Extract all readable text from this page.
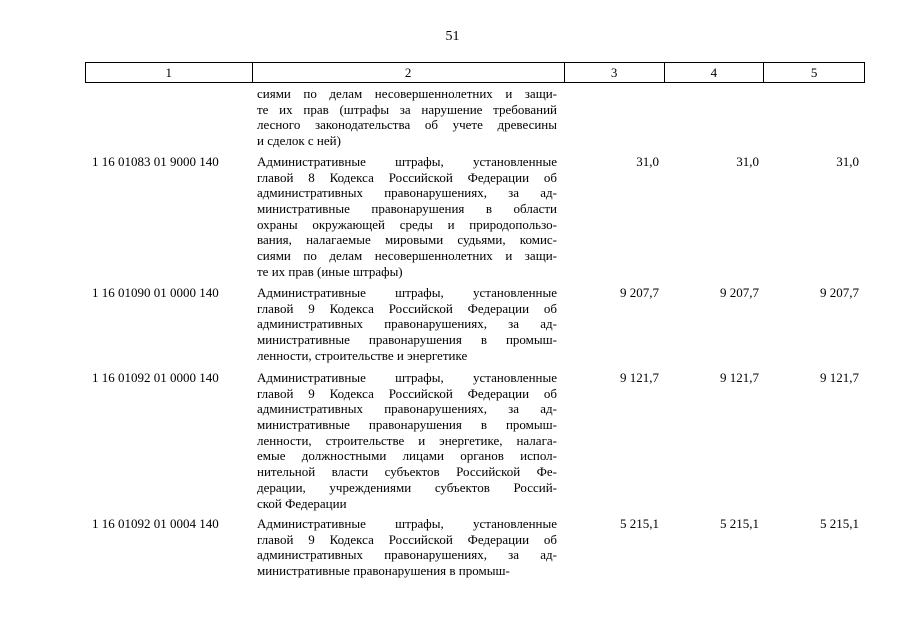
51
1	2	3	4	5
сиями по делам несовершеннолетних и защи-
те их прав (штрафы за нарушение требований
лесного законодательства об учете древесины
и сделок с ней)
1 16 01083 01 9000 140	Административные штрафы, установленные
главой 8 Кодекса Российской Федерации об
административных правонарушениях, за ад-
министративные правонарушения в области
охраны окружающей среды и природопользо-
вания, налагаемые мировыми судьями, комис-
сиями по делам несовершеннолетних и защи-
те их прав (иные штрафы)
31,0	31,0	31,0
1 16 01090 01 0000 140	Административные штрафы, установленные
главой 9 Кодекса Российской Федерации об
административных правонарушениях, за ад-
министративные правонарушения в промыш-
ленности, строительстве и энергетике
9 207,7	9 207,7	9 207,7
1 16 01092 01 0000 140	Административные штрафы, установленные
главой 9 Кодекса Российской Федерации об
административных правонарушениях, за ад-
министративные правонарушения в промыш-
ленности, строительстве и энергетике, налага-
емые должностными лицами органов испол-
нительной власти субъектов Российской Фе-
дерации, учреждениями субъектов Россий-
ской Федерации
9 121,7	9 121,7	9 121,7
1 16 01092 01 0004 140	Административные штрафы, установленные
главой 9 Кодекса Российской Федерации об
административных правонарушениях, за ад-
министративные правонарушения в промыш-
5 215,1	5 215,1	5 215,1
